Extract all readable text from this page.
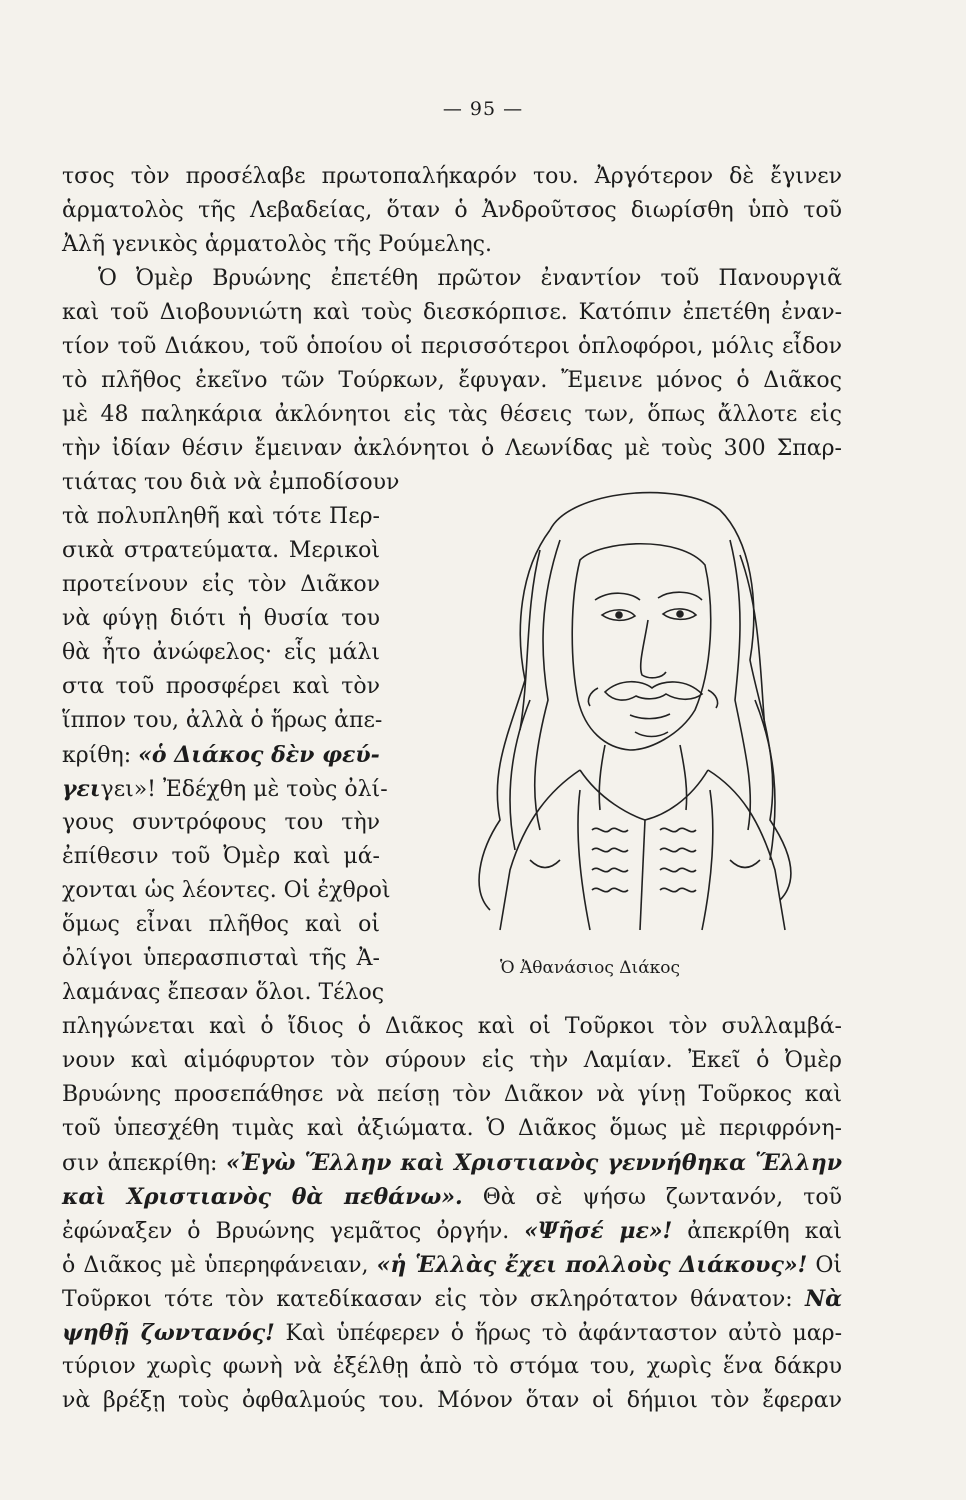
— 95 —
τσος τὸν προσέλαβε πρωτοπαλήκαρόν του. Ἀργότερον δὲ ἔγινεν
ἁρματολὸς τῆς Λεβαδείας, ὅταν ὁ Ἀνδροῦτσος διωρίσθη ὑπὸ τοῦ
Ἀλῆ γενικὸς ἁρματολὸς τῆς Ρούμελης.
Ὁ Ὀμὲρ Βρυώνης ἐπετέθη πρῶτον ἐναντίον τοῦ Πανουργιᾶ
καὶ τοῦ Διοβουνιώτη καὶ τοὺς διεσκόρπισε. Κατόπιν ἐπετέθη ἐναν-
τίον τοῦ Διάκου, τοῦ ὁποίου οἱ περισσότεροι ὁπλοφόροι, μόλις εἶδον
τὸ πλῆθος ἐκεῖνο τῶν Τούρκων, ἔφυγαν. Ἔμεινε μόνος ὁ Διᾶκος
μὲ 48 παληκάρια ἀκλόνητοι εἰς τὰς θέσεις των, ὅπως ἄλλοτε εἰς
τὴν ἰδίαν θέσιν ἔμειναν ἀκλόνητοι ὁ Λεωνίδας μὲ τοὺς 300 Σπαρ-
τιάτας του διὰ νὰ ἐμποδίσουν
τὰ πολυπληθῆ καὶ τότε Περ-
σικὰ στρατεύματα. Μερικοὶ
προτείνουν εἰς τὸν Διᾶκον
νὰ φύγῃ διότι ἡ θυσία του
θὰ ἦτο ἀνώφελος· εἷς μάλι
στα τοῦ προσφέρει καὶ τὸν
ἵππον του, ἀλλὰ ὁ ἥρως ἀπε-
κρίθη: «ὁ Διάκος δὲν φεύ-
γειγει»! Ἐδέχθη μὲ τοὺς ὀλί-
γους συντρόφους του τὴν
ἐπίθεσιν τοῦ Ὀμὲρ καὶ μά-
χονται ὡς λέοντες. Οἱ ἐχθροὶ
ὅμως εἶναι πλῆθος καὶ οἱ
ὀλίγοι ὑπερασπισταὶ τῆς Ἀ-
λαμάνας ἔπεσαν ὅλοι. Τέλος
Ὁ Ἀθανάσιος Διάκος
πληγώνεται καὶ ὁ ἴδιος ὁ Διᾶκος καὶ οἱ Τοῦρκοι τὸν συλλαμβά-
νουν καὶ αἱμόφυρτον τὸν σύρουν εἰς τὴν Λαμίαν. Ἐκεῖ ὁ Ὀμὲρ
Βρυώνης προσεπάθησε νὰ πείσῃ τὸν Διᾶκον νὰ γίνῃ Τοῦρκος καὶ
τοῦ ὑπεσχέθη τιμὰς καὶ ἀξιώματα. Ὁ Διᾶκος ὅμως μὲ περιφρόνη-
σιν ἀπεκρίθη: «Ἐγὼ Ἕλλην καὶ Χριστιανὸς γεννήθηκα Ἕλλην
καὶ Χριστιανὸς θὰ πεθάνω». Θὰ σὲ ψήσω ζωντανόν, τοῦ
ἐφώναξεν ὁ Βρυώνης γεμᾶτος ὀργήν. «Ψῆσέ με»! ἀπεκρίθη καὶ
ὁ Διᾶκος μὲ ὑπερηφάνειαν, «ἡ Ἑλλὰς ἔχει πολλοὺς Διάκους»! Οἱ
Τοῦρκοι τότε τὸν κατεδίκασαν εἰς τὸν σκληρότατον θάνατον: Νὰ
ψηθῇ ζωντανός! Καὶ ὑπέφερεν ὁ ἥρως τὸ ἀφάνταστον αὐτὸ μαρ-
τύριον χωρὶς φωνὴ νὰ ἐξέλθῃ ἀπὸ τὸ στόμα του, χωρὶς ἕνα δάκρυ
νὰ βρέξῃ τοὺς ὀφθαλμούς του. Μόνον ὅταν οἱ δήμιοι τὸν ἔφεραν
